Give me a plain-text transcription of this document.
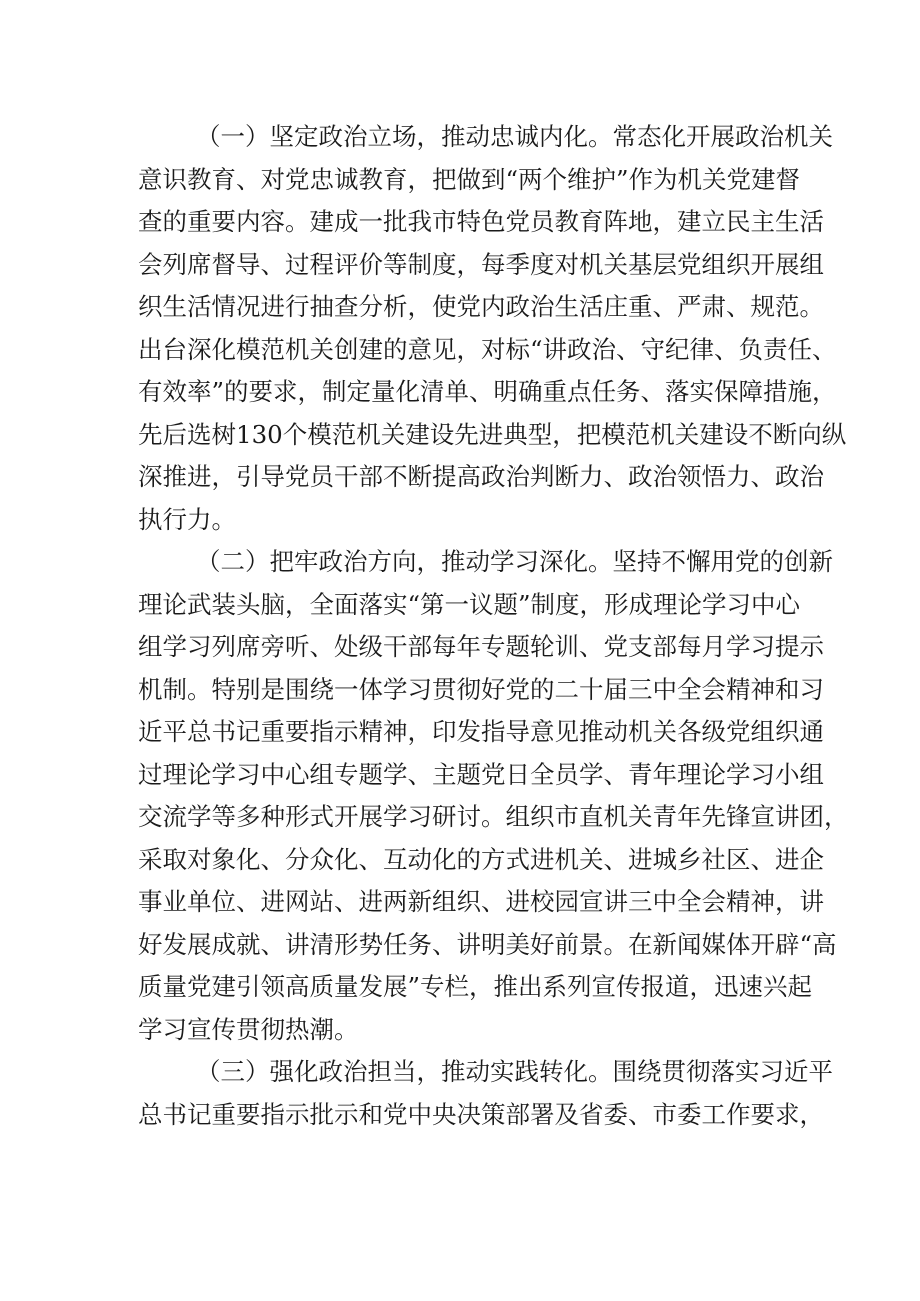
（一）坚定政治立场，推动忠诚内化。常态化开展政治机关
意识教育、对党忠诚教育，把做到“两个维护”作为机关党建督
查的重要内容。建成一批我市特色党员教育阵地，建立民主生活
会列席督导、过程评价等制度，每季度对机关基层党组织开展组
织生活情况进行抽查分析，使党内政治生活庄重、严肃、规范。
出台深化模范机关创建的意见，对标“讲政治、守纪律、负责任、
有效率”的要求，制定量化清单、明确重点任务、落实保障措施，
先后选树130个模范机关建设先进典型，把模范机关建设不断向纵
深推进，引导党员干部不断提高政治判断力、政治领悟力、政治
执行力。
（二）把牢政治方向，推动学习深化。坚持不懈用党的创新
理论武装头脑，全面落实“第一议题”制度，形成理论学习中心
组学习列席旁听、处级干部每年专题轮训、党支部每月学习提示
机制。特别是围绕一体学习贯彻好党的二十届三中全会精神和习
近平总书记重要指示精神，印发指导意见推动机关各级党组织通
过理论学习中心组专题学、主题党日全员学、青年理论学习小组
交流学等多种形式开展学习研讨。组织市直机关青年先锋宣讲团，
采取对象化、分众化、互动化的方式进机关、进城乡社区、进企
事业单位、进网站、进两新组织、进校园宣讲三中全会精神，讲
好发展成就、讲清形势任务、讲明美好前景。在新闻媒体开辟“高
质量党建引领高质量发展”专栏，推出系列宣传报道，迅速兴起
学习宣传贯彻热潮。
（三）强化政治担当，推动实践转化。围绕贯彻落实习近平
总书记重要指示批示和党中央决策部署及省委、市委工作要求，
